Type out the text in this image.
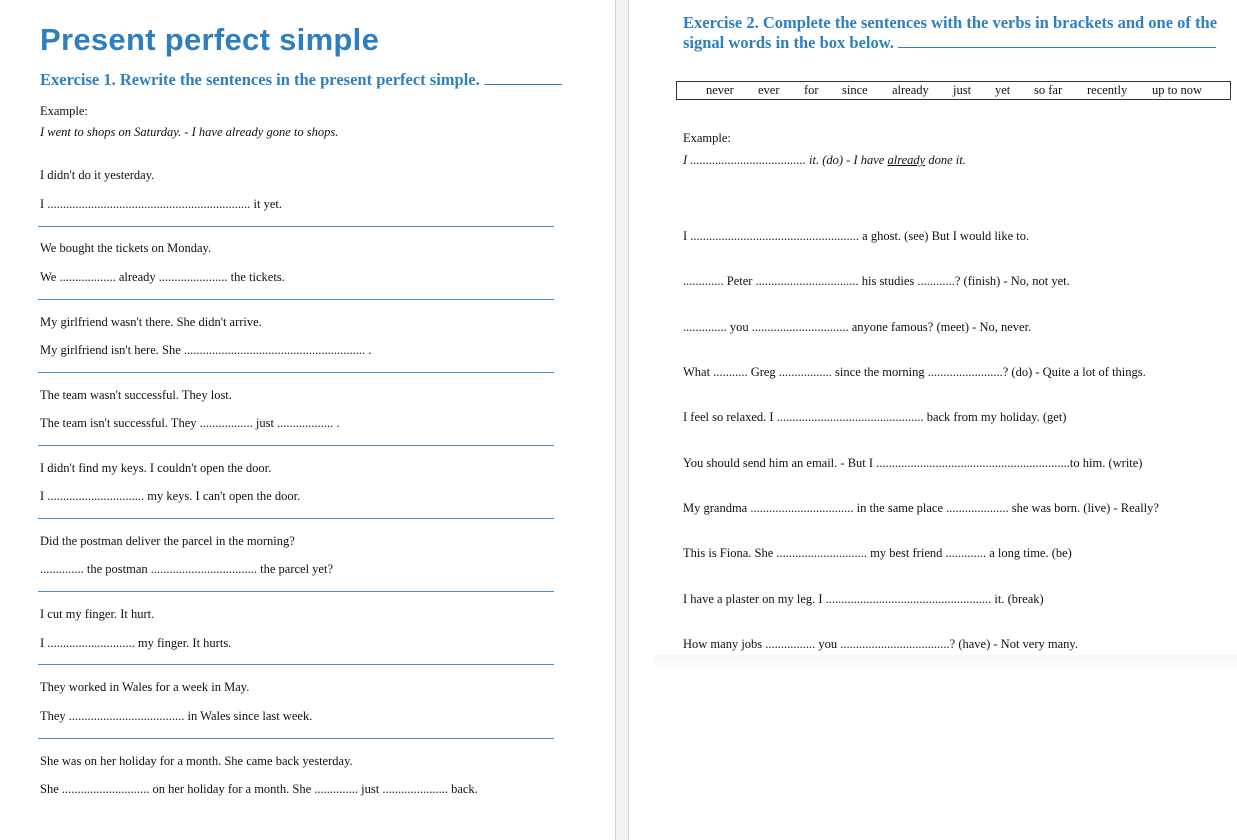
Present perfect simple
Exercise 1. Rewrite the sentences in the present perfect simple.
Example:
I went to shops on Saturday. - I have already gone to shops.
I didn't do it yesterday.
I ................................................................. it yet.
We bought the tickets on Monday.
We .................. already ...................... the tickets.
My girlfriend wasn't there. She didn't arrive.
My girlfriend isn't here. She .......................................................... .
The team wasn't successful. They lost.
The team isn't successful. They ................. just .................. .
I didn't find my keys. I couldn't open the door.
I ............................... my keys. I can't open the door.
Did the postman deliver the parcel in the morning?
.............. the postman .................................. the parcel yet?
I cut my finger. It hurt.
I ............................ my finger. It hurts.
They worked in Wales for a week in May.
They ..................................... in Wales since last week.
She was on her holiday for a month. She came back yesterday.
She ............................ on her holiday for a month. She .............. just ..................... back.
Exercise 2. Complete the sentences with the verbs in brackets and one of the signal words in the box below.
never ever for since already just yet so far recently up to now
Example:
I ..................................... it. (do) - I have already done it.
I ...................................................... a ghost. (see) But I would like to.
............. Peter ................................. his studies ............? (finish) - No, not yet.
.............. you ............................... anyone famous? (meet) - No, never.
What ........... Greg ................. since the morning ........................? (do) - Quite a lot of things.
I feel so relaxed. I ............................................... back from my holiday. (get)
You should send him an email. - But I ..............................................................to him. (write)
My grandma ................................. in the same place .................... she was born. (live) - Really?
This is Fiona. She ............................. my best friend ............. a long time. (be)
I have a plaster on my leg. I ..................................................... it. (break)
How many jobs ................ you ...................................? (have) - Not very many.
